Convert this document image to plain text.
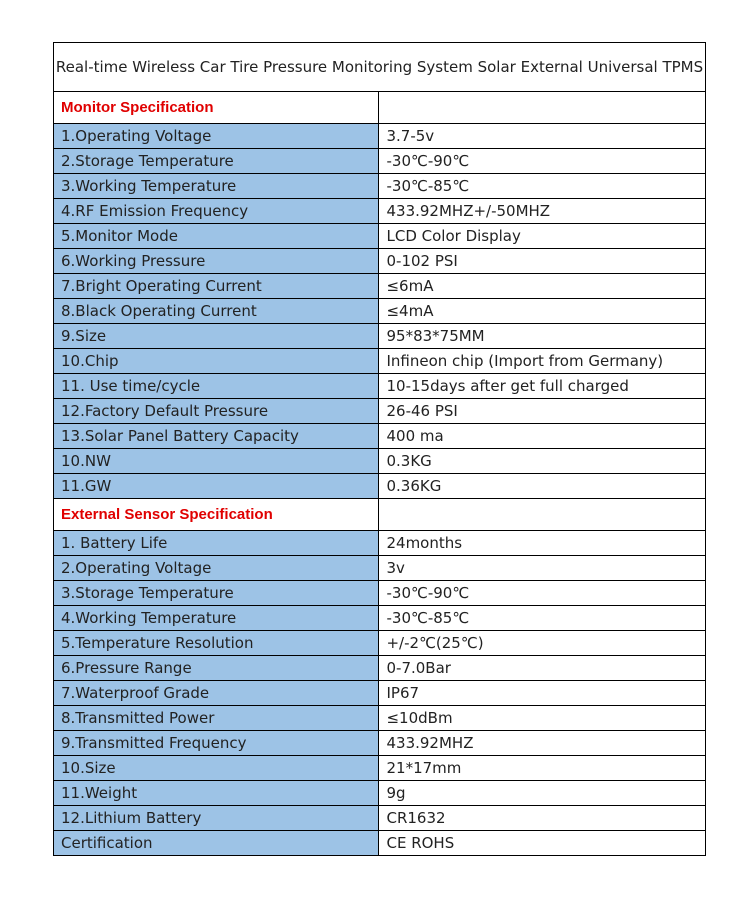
Real-time Wireless Car Tire Pressure Monitoring System Solar External Universal TPMS	
Monitor Specification	
1.Operating Voltage	3.7-5v
2.Storage Temperature	-30℃-90℃
3.Working Temperature	-30℃-85℃
4.RF Emission Frequency	433.92MHZ+/-50MHZ
5.Monitor Mode	LCD Color Display
6.Working Pressure	0-102 PSI
7.Bright Operating Current	≤6mA
8.Black Operating Current	≤4mA
9.Size	95*83*75MM
10.Chip	Infineon chip (Import from Germany)
11. Use time/cycle	10-15days after get full charged
12.Factory Default Pressure	26-46 PSI
13.Solar Panel Battery Capacity	400 ma
10.NW	0.3KG
11.GW	0.36KG
External Sensor Specification	
1. Battery Life	24months
2.Operating Voltage	3v
3.Storage Temperature	-30℃-90℃
4.Working Temperature	-30℃-85℃
5.Temperature Resolution	+/-2℃(25℃)
6.Pressure Range	0-7.0Bar
7.Waterproof Grade	IP67
8.Transmitted Power	≤10dBm
9.Transmitted Frequency	433.92MHZ
10.Size	21*17mm
11.Weight	9g
12.Lithium Battery	CR1632
Certification	CE ROHS
